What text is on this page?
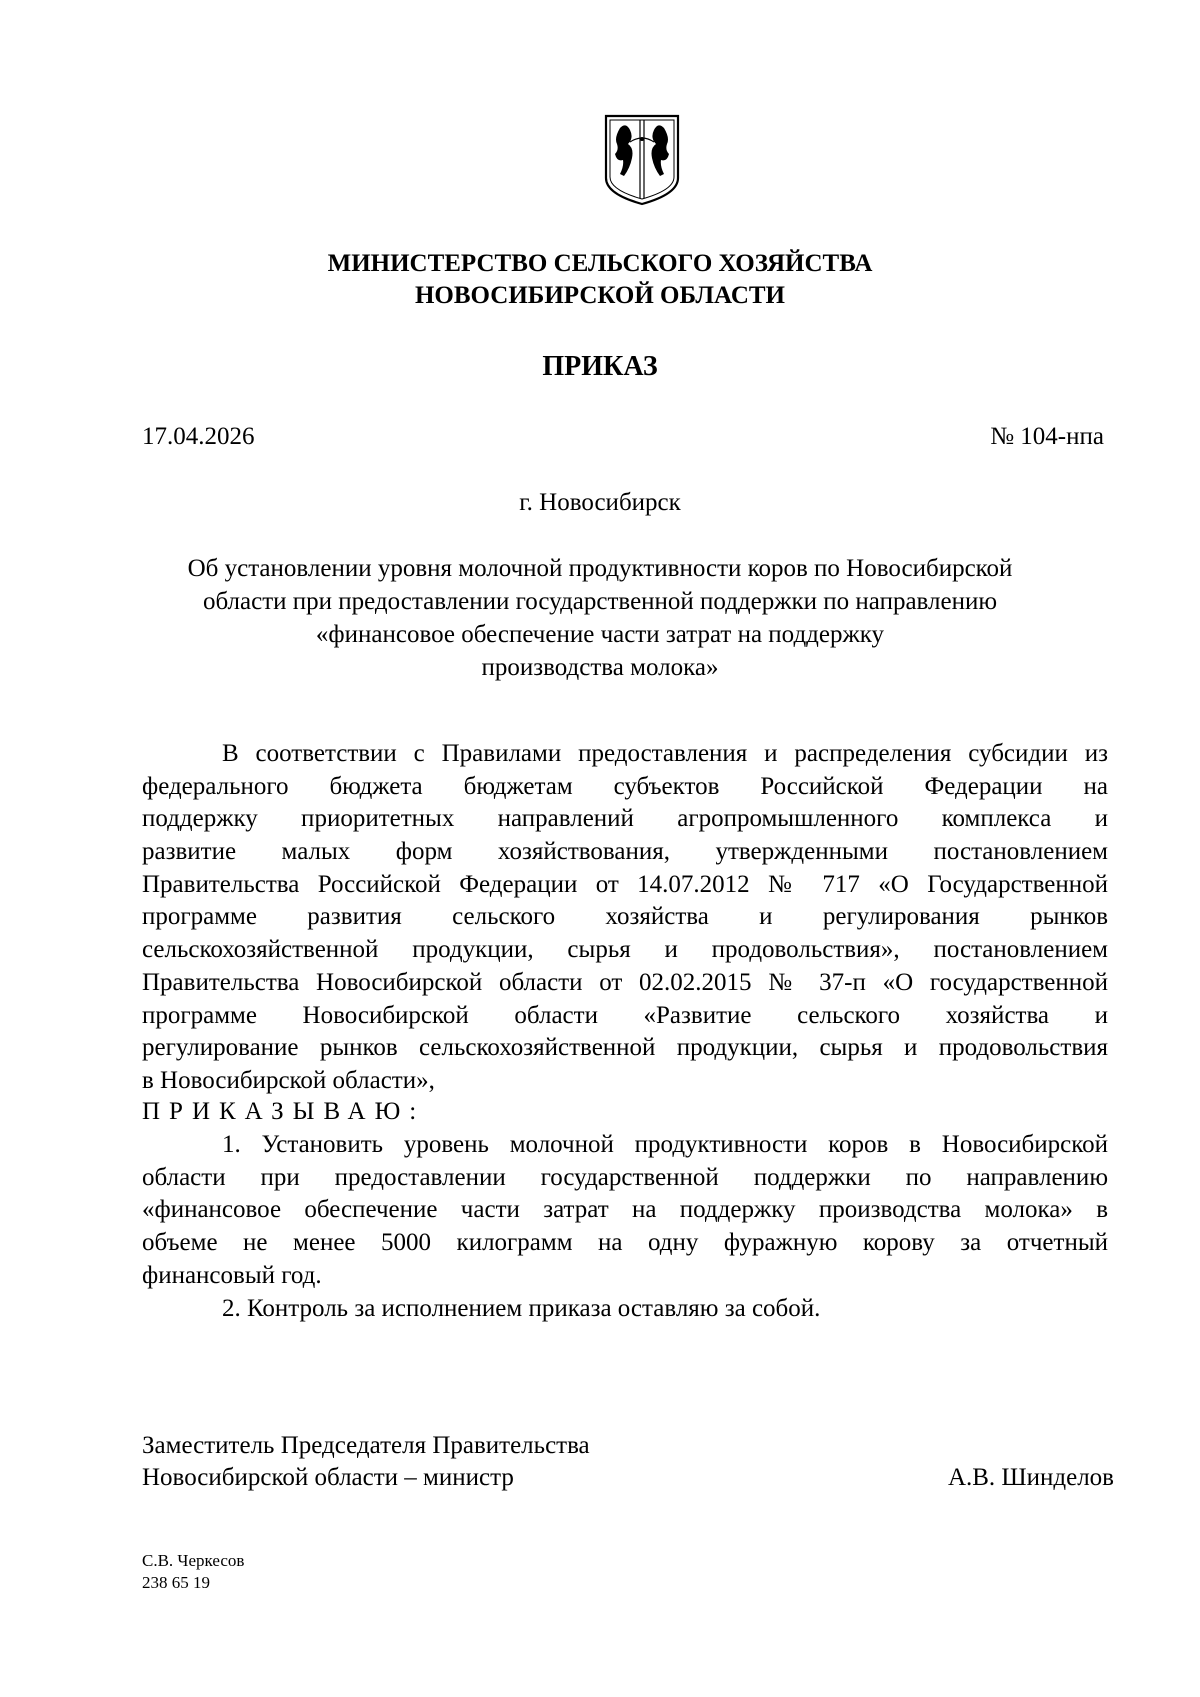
МИНИСТЕРСТВО СЕЛЬСКОГО ХОЗЯЙСТВА
НОВОСИБИРСКОЙ ОБЛАСТИ
ПРИКАЗ
17.04.2026	№ 104-нпа
г. Новосибирск
Об установлении уровня молочной продуктивности коров по Новосибирской
области при предоставлении государственной поддержки по направлению
«финансовое обеспечение части затрат на поддержку
производства молока»
В соответствии с Правилами предоставления и распределения субсидии из
федерального бюджета бюджетам субъектов Российской Федерации на
поддержку приоритетных направлений агропромышленного комплекса и
развитие малых форм хозяйствования, утвержденными постановлением
Правительства Российской Федерации от 14.07.2012 № 717 «О Государственной
программе развития сельского хозяйства и регулирования рынков
сельскохозяйственной продукции, сырья и продовольствия», постановлением
Правительства Новосибирской области от 02.02.2015 № 37-п «О государственной
программе Новосибирской области «Развитие сельского хозяйства и
регулирование рынков сельскохозяйственной продукции, сырья и продовольствия
в Новосибирской области»,
ПРИКАЗЫВАЮ:
1. Установить уровень молочной продуктивности коров в Новосибирской
области при предоставлении государственной поддержки по направлению
«финансовое обеспечение части затрат на поддержку производства молока» в
объеме не менее 5000 килограмм на одну фуражную корову за отчетный
финансовый год.
2. Контроль за исполнением приказа оставляю за собой.
Заместитель Председателя Правительства
Новосибирской области – министр	А.В. Шинделов
С.В. Черкесов
238 65 19
